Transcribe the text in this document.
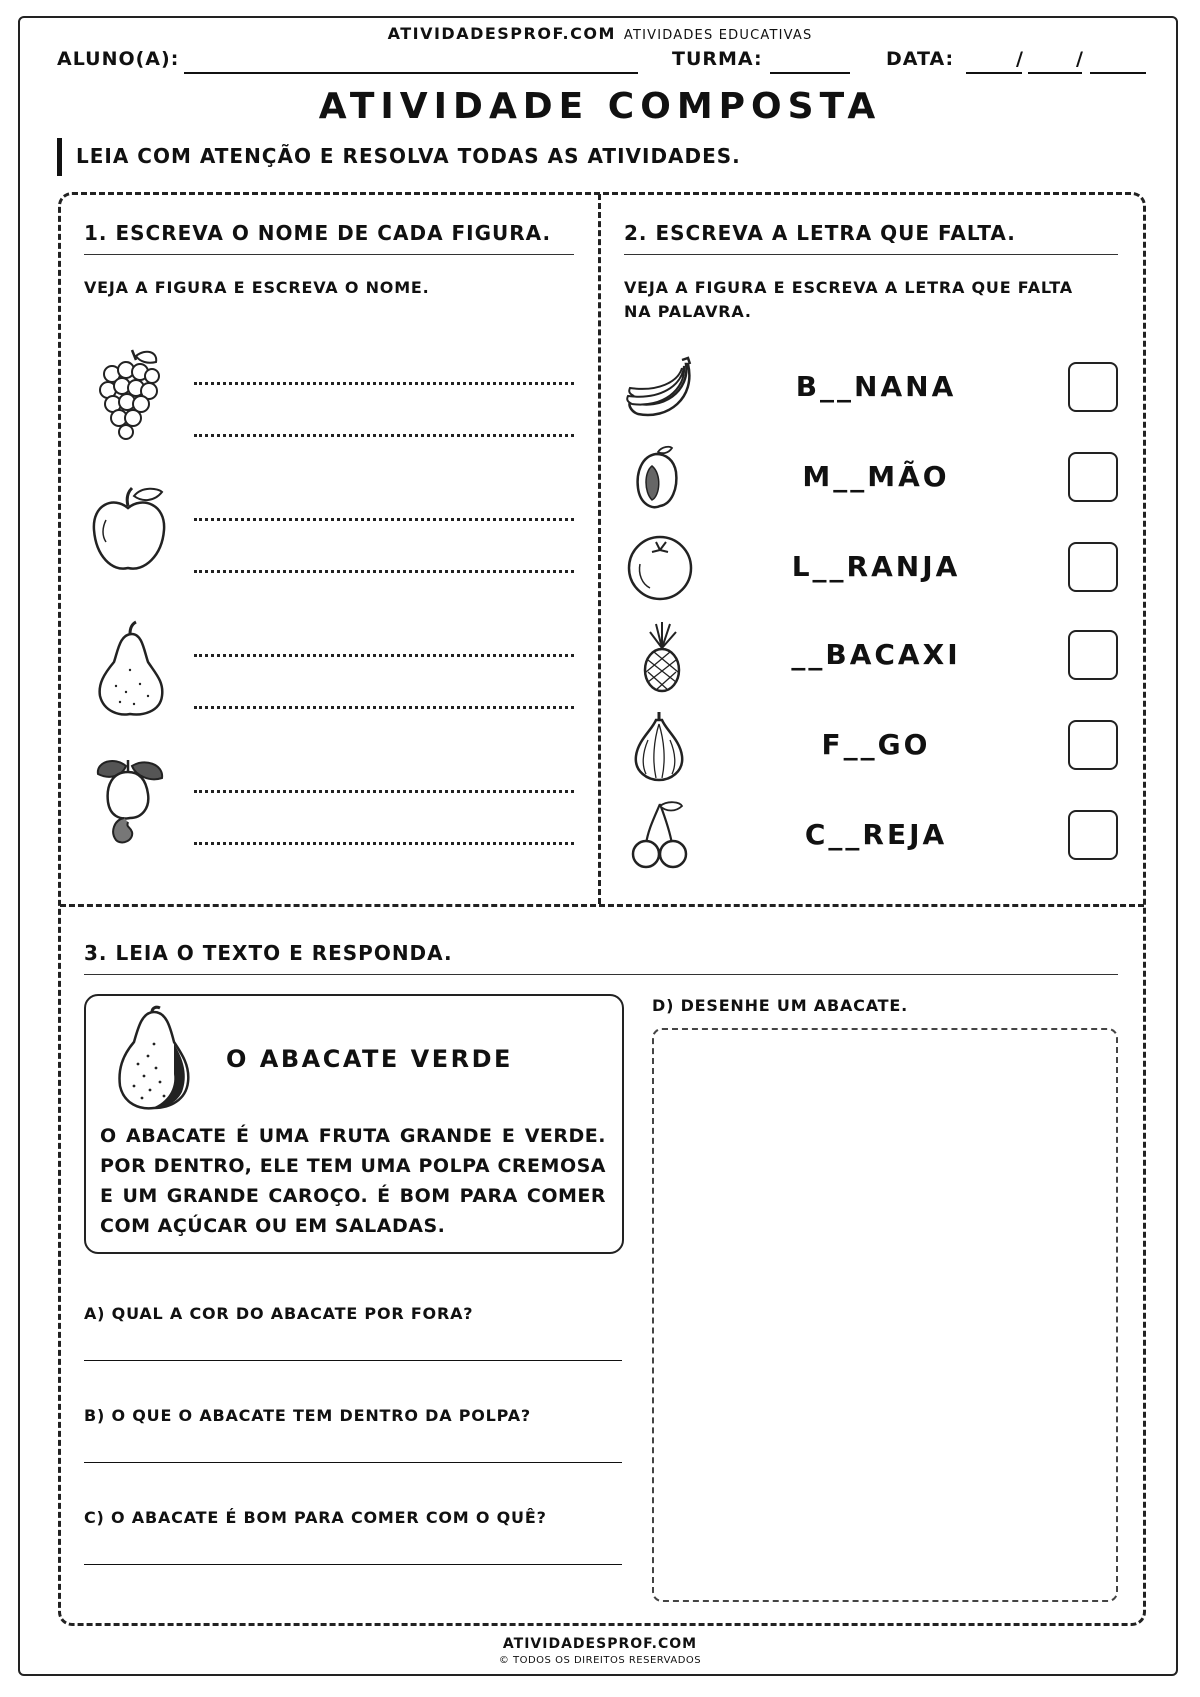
ATIVIDADESPROF.COM ATIVIDADES EDUCATIVAS
ALUNO(A):	TURMA:	DATA:	/	/
ATIVIDADE COMPOSTA
LEIA COM ATENÇÃO E RESOLVA TODAS AS ATIVIDADES.
1. ESCREVA O NOME DE CADA FIGURA.
VEJA A FIGURA E ESCREVA O NOME.
2. ESCREVA A LETRA QUE FALTA.
VEJA A FIGURA E ESCREVA A LETRA QUE FALTA NA PALAVRA.
B__NANA
M__MÃO
L__RANJA
__BACAXI
F__GO
C__REJA
3. LEIA O TEXTO E RESPONDA.
O ABACATE VERDE
O ABACATE É UMA FRUTA GRANDE E VERDE. POR DENTRO, ELE TEM UMA POLPA CREMOSA E UM GRANDE CAROÇO. É BOM PARA COMER COM AÇÚCAR OU EM SALADAS.
A) QUAL A COR DO ABACATE POR FORA?
B) O QUE O ABACATE TEM DENTRO DA POLPA?
C) O ABACATE É BOM PARA COMER COM O QUÊ?
D) DESENHE UM ABACATE.
ATIVIDADESPROF.COM
© TODOS OS DIREITOS RESERVADOS
